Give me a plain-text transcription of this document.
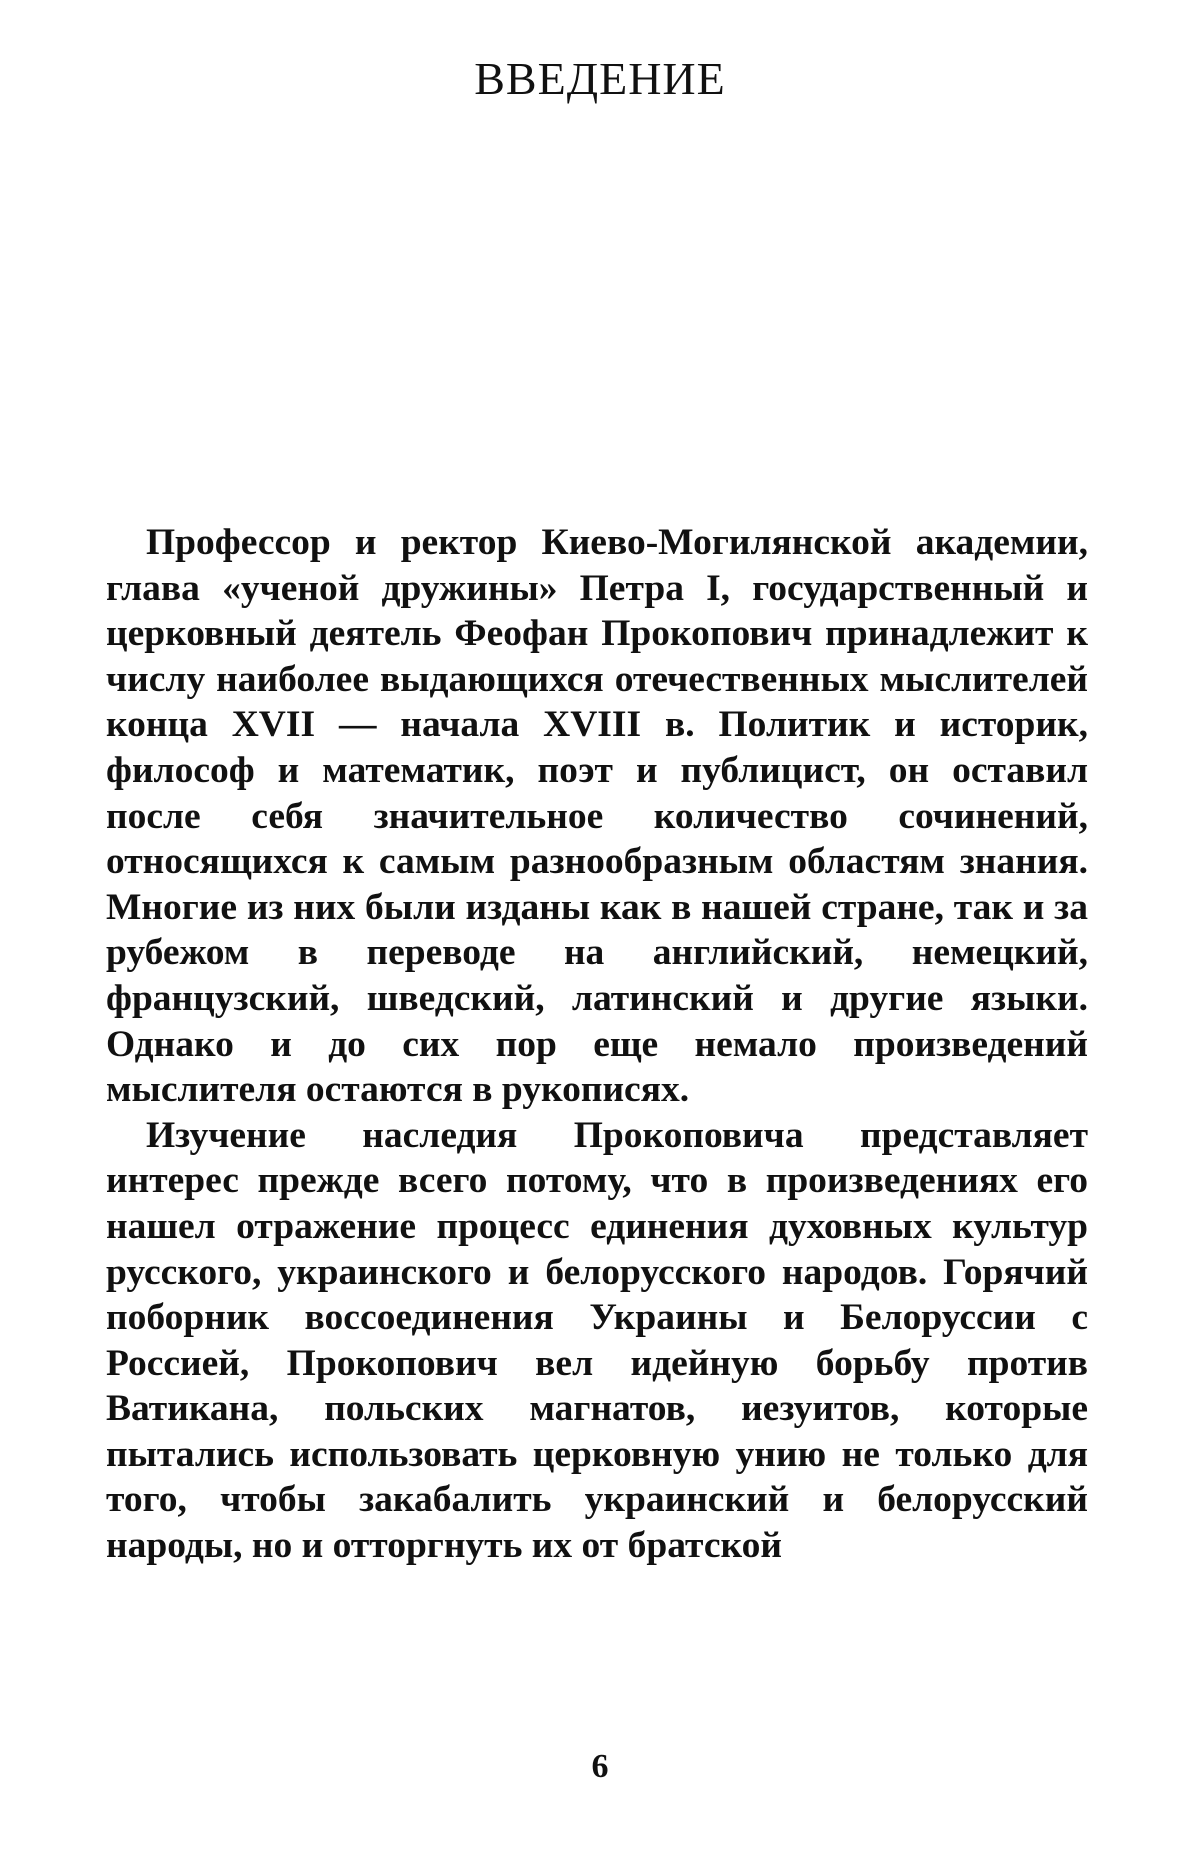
ВВЕДЕНИЕ

Профессор и ректор Киево-Могилянской академии, глава «ученой дружины» Петра I, государственный и церковный деятель Феофан Прокопович принадлежит к числу наиболее выдающихся отечественных мыслителей конца XVII — начала XVIII в. Политик и историк, философ и математик, поэт и публицист, он оставил после себя значительное количество сочинений, относящихся к самым разнообразным областям знания. Многие из них были изданы как в нашей стране, так и за рубежом в переводе на английский, немецкий, французский, шведский, латинский и другие языки. Однако и до сих пор еще немало произведений мыслителя остаются в рукописях.

Изучение наследия Прокоповича представляет интерес прежде всего потому, что в произведениях его нашел отражение процесс единения духовных культур русского, украинского и белорусского народов. Горячий поборник воссоединения Украины и Белоруссии с Россией, Прокопович вел идейную борьбу против Ватикана, польских магнатов, иезуитов, которые пытались использовать церковную унию не только для того, чтобы закабалить украинский и белорусский народы, но и отторгнуть их от братской

6
